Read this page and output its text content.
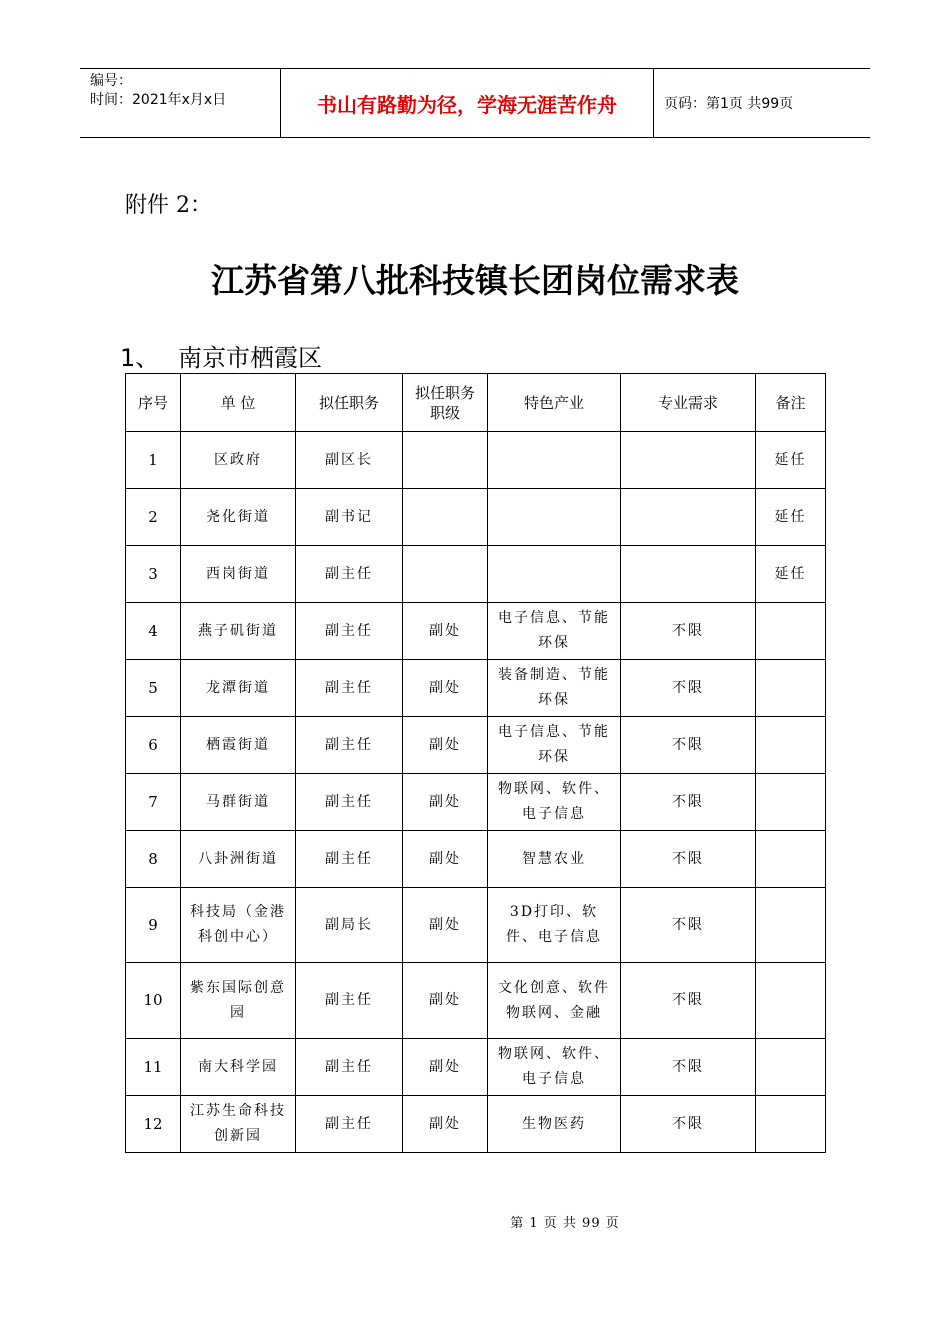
编号：
时间：2021年x月x日	书山有路勤为径，学海无涯苦作舟	页码：第1页 共99页
附件 2：
江苏省第八批科技镇长团岗位需求表
1、 南京市栖霞区
序号	单 位	拟任职务	拟任职务职级	特色产业	专业需求	备注
1	区政府	副区长				延任
2	尧化街道	副书记				延任
3	西岗街道	副主任				延任
4	燕子矶街道	副主任	副处	电子信息、节能环保	不限	
5	龙潭街道	副主任	副处	装备制造、节能环保	不限	
6	栖霞街道	副主任	副处	电子信息、节能环保	不限	
7	马群街道	副主任	副处	物联网、软件、电子信息	不限	
8	八卦洲街道	副主任	副处	智慧农业	不限	
9	科技局（金港科创中心）	副局长	副处	3D打印、软件、电子信息	不限	
10	紫东国际创意园	副主任	副处	文化创意、软件物联网、金融	不限	
11	南大科学园	副主任	副处	物联网、软件、电子信息	不限	
12	江苏生命科技创新园	副主任	副处	生物医药	不限	
第 1 页 共 99 页
